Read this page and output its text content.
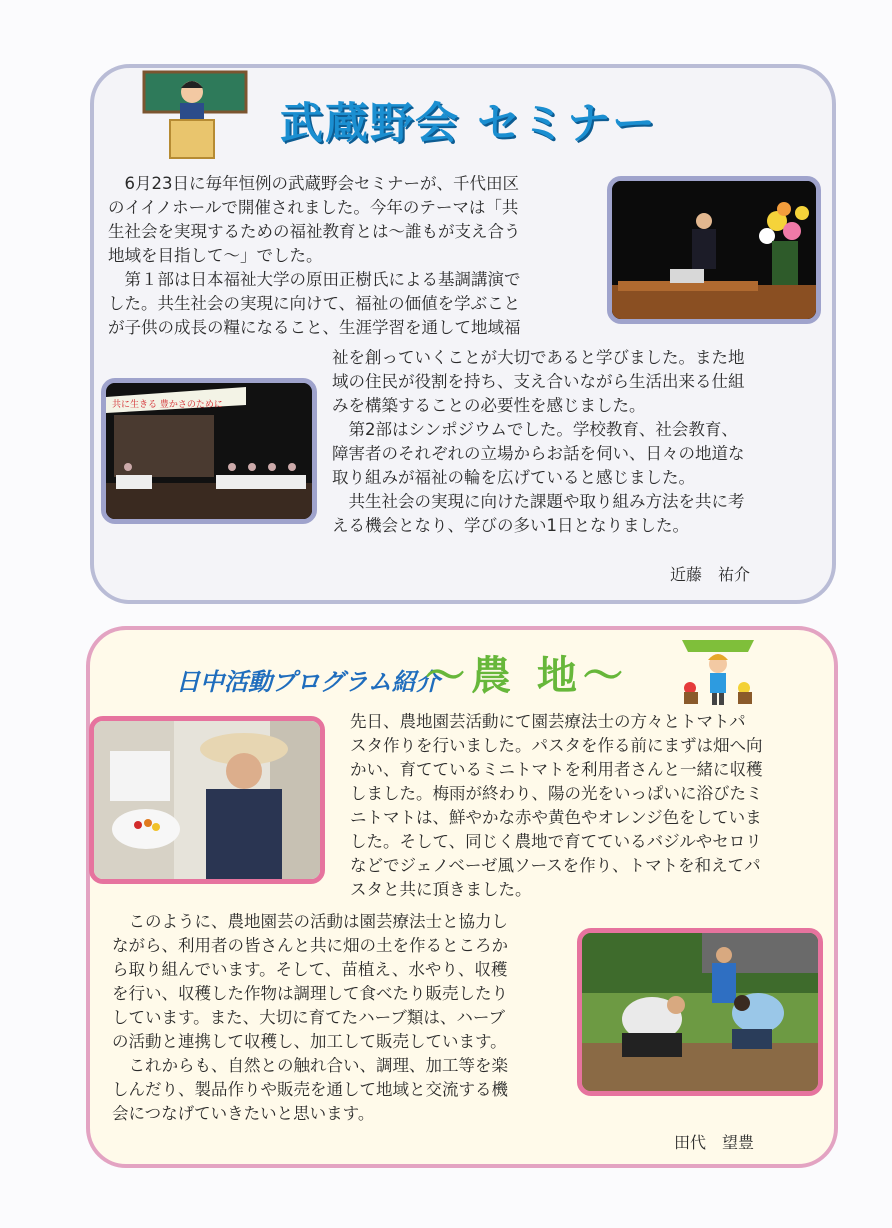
武蔵野会 セミナー
　6月23日に毎年恒例の武蔵野会セミナーが、千代田区
のイイノホールで開催されました。今年のテーマは「共
生社会を実現するための福祉教育とは～誰もが支え合う
地域を目指して～」でした。
　第１部は日本福祉大学の原田正樹氏による基調講演で
した。共生社会の実現に向けて、福祉の価値を学ぶこと
が子供の成長の糧になること、生涯学習を通して地域福
共に生きる 豊かさのために
祉を創っていくことが大切であると学びました。また地
域の住民が役割を持ち、支え合いながら生活出来る仕組
みを構築することの必要性を感じました。
　第2部はシンポジウムでした。学校教育、社会教育、
障害者のそれぞれの立場からお話を伺い、日々の地道な
取り組みが福祉の輪を広げていると感じました。
　共生社会の実現に向けた課題や取り組み方法を共に考
える機会となり、学びの多い1日となりました。
近藤　祐介
日中活動プログラム紹介
～農 地～
先日、農地園芸活動にて園芸療法士の方々とトマトパ
スタ作りを行いました。パスタを作る前にまずは畑へ向
かい、育てているミニトマトを利用者さんと一緒に収穫
しました。梅雨が終わり、陽の光をいっぱいに浴びたミ
ニトマトは、鮮やかな赤や黄色やオレンジ色をしていま
した。そして、同じく農地で育てているバジルやセロリ
などでジェノベーゼ風ソースを作り、トマトを和えてパ
スタと共に頂きました。
　このように、農地園芸の活動は園芸療法士と協力し
ながら、利用者の皆さんと共に畑の土を作るところか
ら取り組んでいます。そして、苗植え、水やり、収穫
を行い、収穫した作物は調理して食べたり販売したり
しています。また、大切に育てたハーブ類は、ハーブ
の活動と連携して収穫し、加工して販売しています。
　これからも、自然との触れ合い、調理、加工等を楽
しんだり、製品作りや販売を通して地域と交流する機
会につなげていきたいと思います。
田代　望豊
